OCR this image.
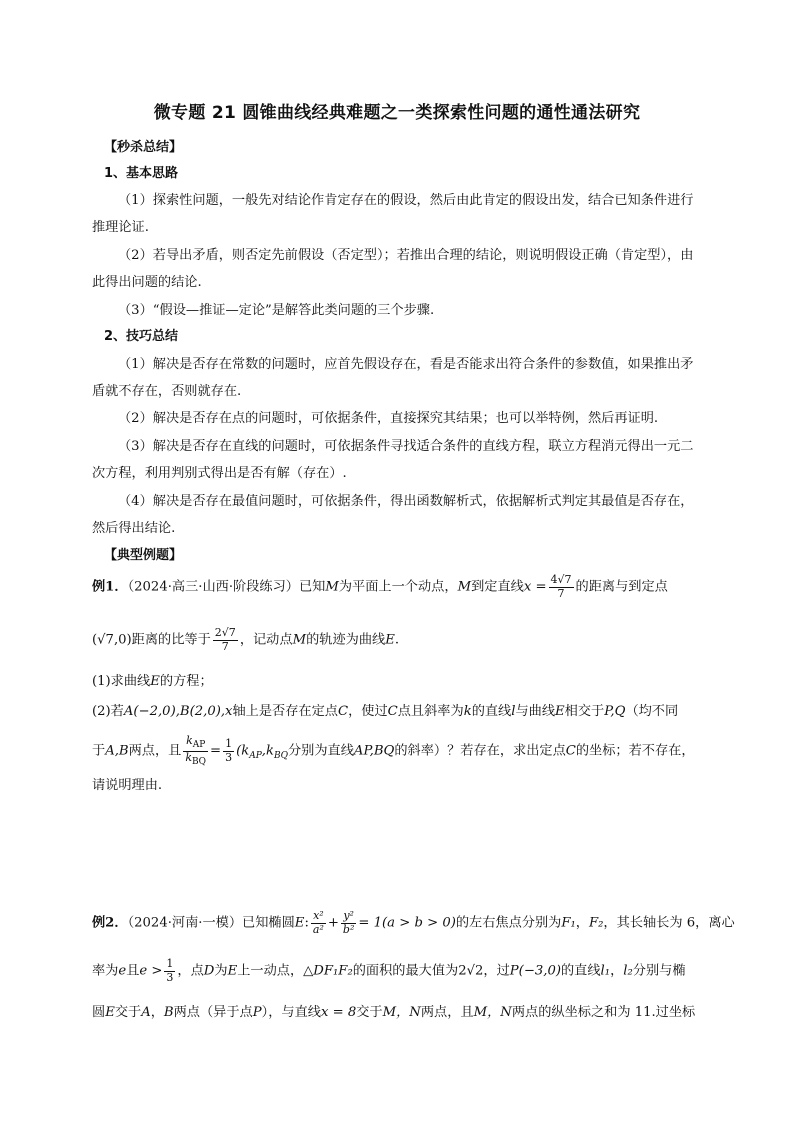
微专题 21 圆锥曲线经典难题之一类探索性问题的通性通法研究
【秒杀总结】
1、基本思路
（1）探索性问题，一般先对结论作肯定存在的假设，然后由此肯定的假设出发，结合已知条件进行
推理论证.
（2）若导出矛盾，则否定先前假设（否定型）；若推出合理的结论，则说明假设正确（肯定型），由
此得出问题的结论.
（3）“假设—推证—定论”是解答此类问题的三个步骤.
2、技巧总结
（1）解决是否存在常数的问题时，应首先假设存在，看是否能求出符合条件的参数值，如果推出矛
盾就不存在，否则就存在.
（2）解决是否存在点的问题时，可依据条件，直接探究其结果；也可以举特例，然后再证明.
（3）解决是否存在直线的问题时，可依据条件寻找适合条件的直线方程，联立方程消元得出一元二
次方程，利用判别式得出是否有解（存在）.
（4）解决是否存在最值问题时，可依据条件，得出函数解析式，依据解析式判定其最值是否存在，
然后得出结论.
【典型例题】
例1．（2024·高三·山西·阶段练习）已知M为平面上一个动点，M到定直线$x = \frac{4√7}{7}$ 的距离与到定点
(√7,0)距离的比等于 $\frac{2√7}{7}$ ，记动点M的轨迹为曲线E.
(1)求曲线E的方程；
(2)若A(−2,0),B(2,0),x轴上是否存在定点C，使过C点且斜率为k的直线l与曲线E相交于P,Q（均不同
于A,B两点，且 $\frac{k_{AP}}{k_{BQ}} = \frac{1}{3} (k_{AP},k_{BQ}$分别为直线AP,BQ的斜率）？若存在，求出定点C的坐标；若不存在，
请说明理由.
例2．（2024·河南·一模）已知椭圆E: $\frac{\text{x²}}{\text{a²}} + \frac{\text{y²}}{\text{b²}} = 1(a > b > 0)$的左右焦点分别为F₁，F₂，其长轴长为 6，离心
率为e且$e > \frac{1}{3}$ ，点D为E上一动点，△DF₁F₂的面积的最大值为2√2，过P(−3,0)的直线l₁，l₂分别与椭
圆E交于A，B两点（异于点P），与直线x = 8交于M，N两点，且M，N两点的纵坐标之和为 11.过坐标
